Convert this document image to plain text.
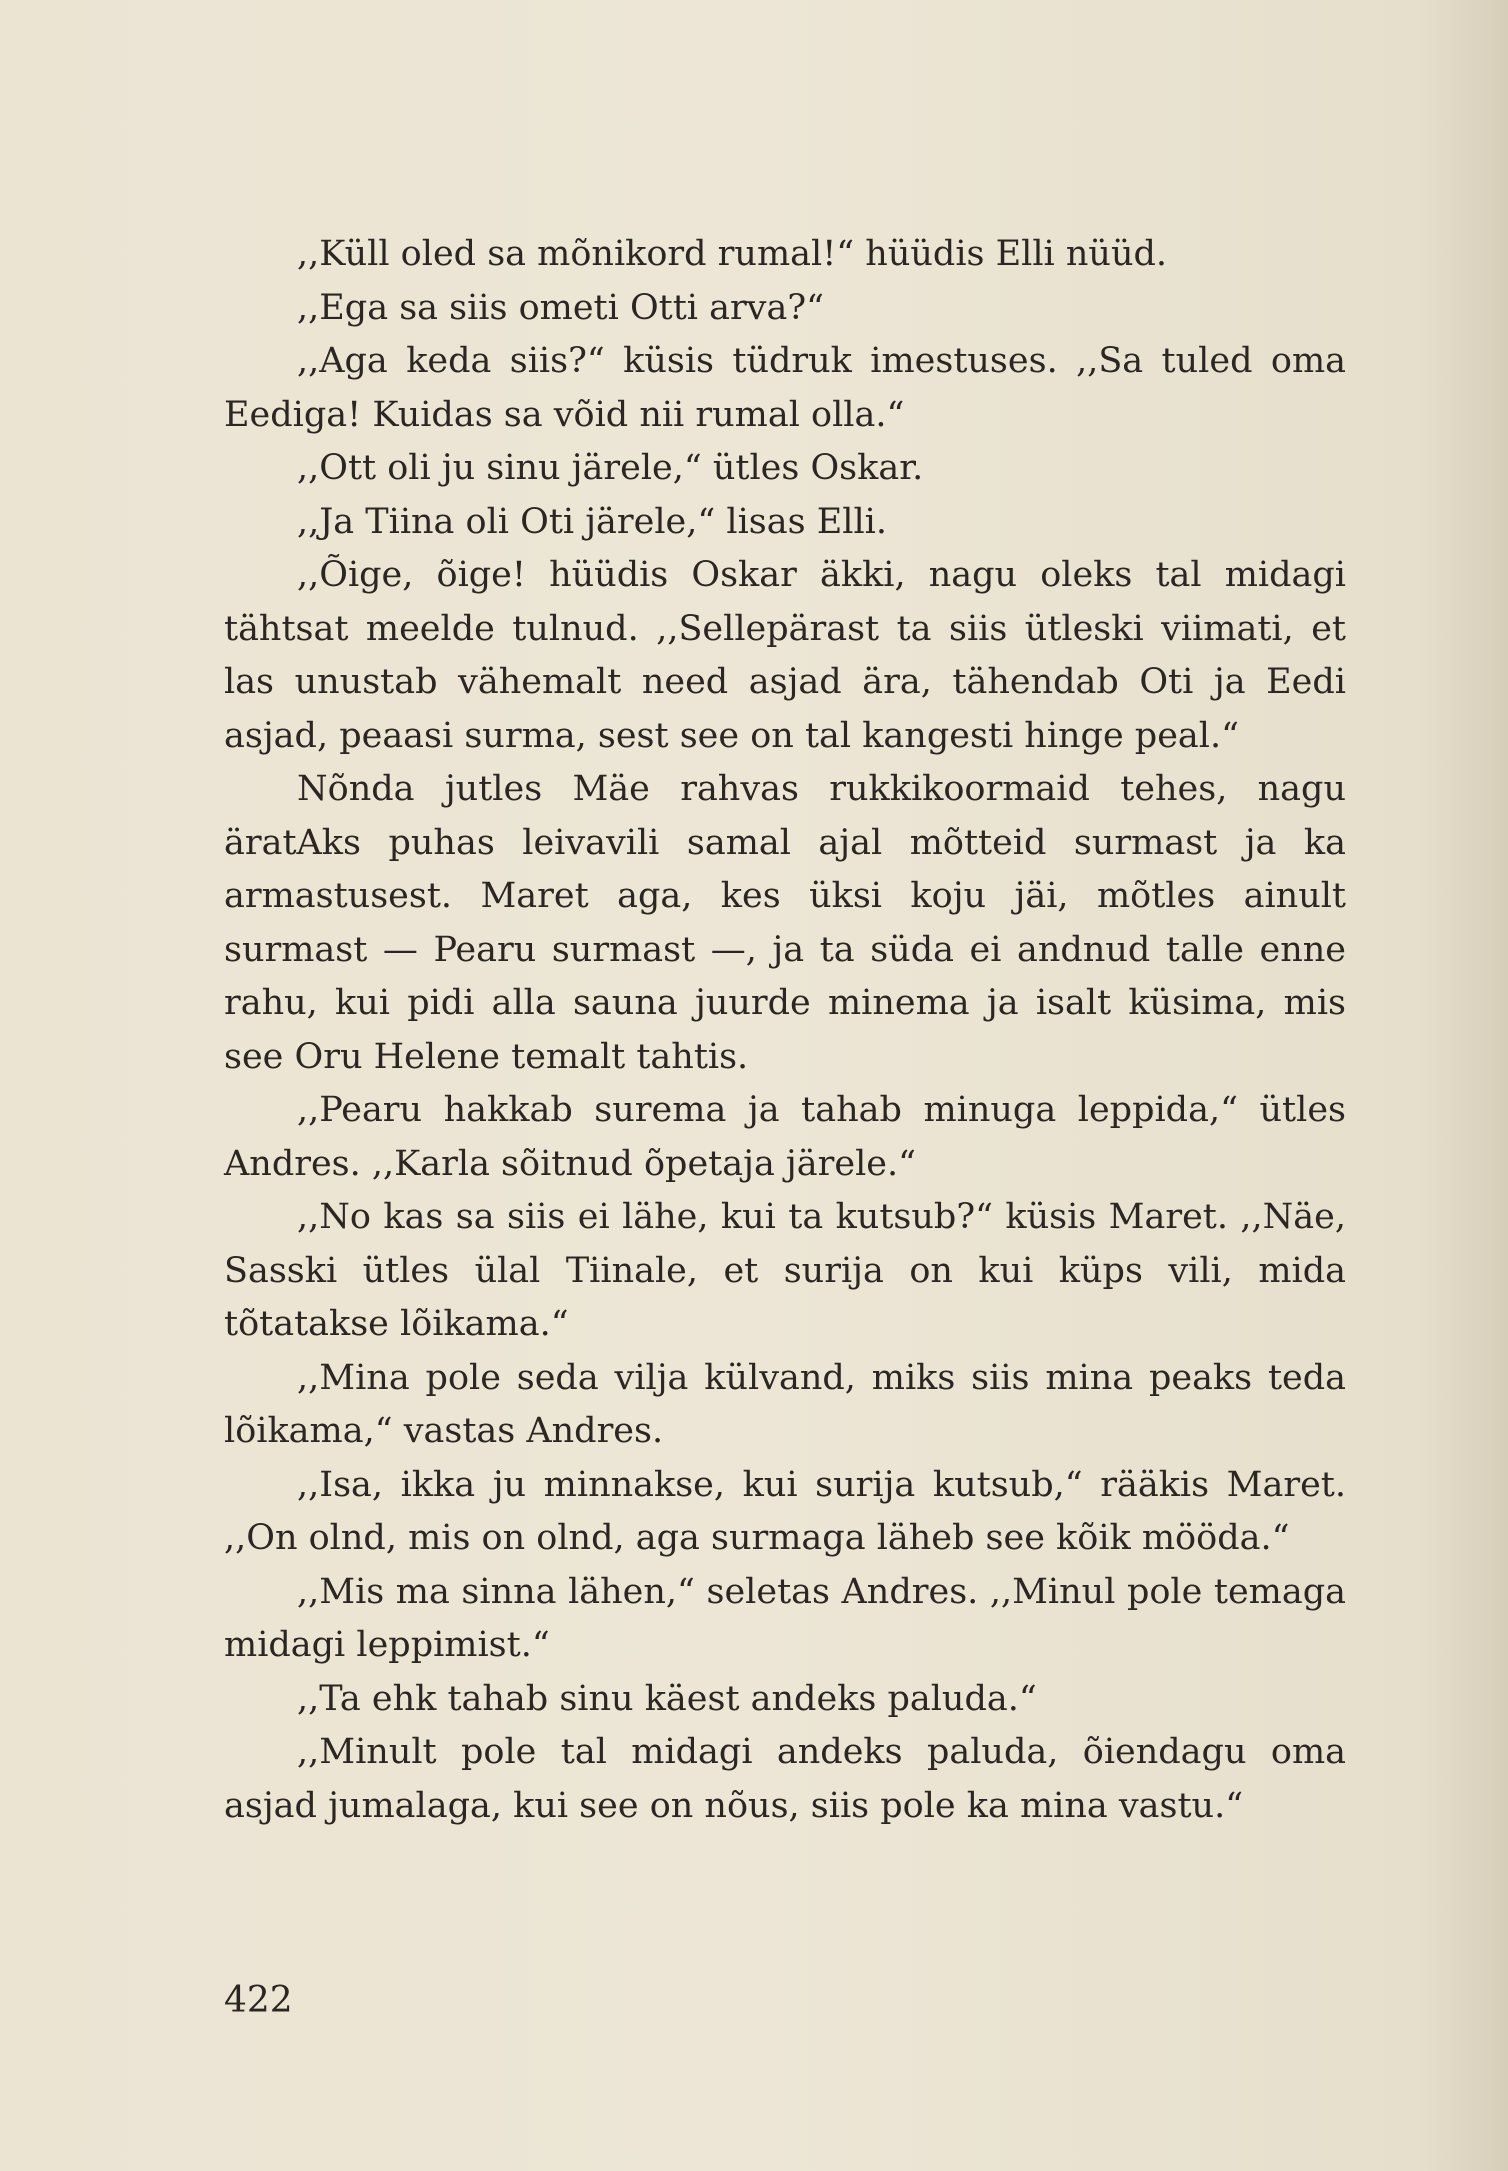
,,Küll oled sa mõnikord rumal!“ hüüdis Elli nüüd.

,,Ega sa siis ometi Otti arva?“

,,Aga keda siis?“ küsis tüdruk imestuses. ,,Sa tuled oma Eediga! Kuidas sa võid nii rumal olla.“

,,Ott oli ju sinu järele,“ ütles Oskar.

,,Ja Tiina oli Oti järele,“ lisas Elli.

,,Õige, õige! hüüdis Oskar äkki, nagu oleks tal midagi tähtsat meelde tulnud. ,,Sellepärast ta siis ütleski viimati, et las unustab vähemalt need asjad ära, tähendab Oti ja Eedi asjad, peaasi surma, sest see on tal kangesti hinge peal.“

Nõnda jutles Mäe rahvas rukkikoormaid tehes, nagu äratAks puhas leivavili samal ajal mõtteid surmast ja ka armastusest. Maret aga, kes üksi koju jäi, mõtles ainult surmast — Pearu surmast —, ja ta süda ei andnud talle enne rahu, kui pidi alla sauna juurde minema ja isalt küsima, mis see Oru Helene temalt tahtis.

,,Pearu hakkab surema ja tahab minuga leppida,“ ütles Andres. ,,Karla sõitnud õpetaja järele.“

,,No kas sa siis ei lähe, kui ta kutsub?“ küsis Maret. ,,Näe, Sasski ütles ülal Tiinale, et surija on kui küps vili, mida tõtatakse lõikama.“

,,Mina pole seda vilja külvand, miks siis mina peaks teda lõikama,“ vastas Andres.

,,Isa, ikka ju minnakse, kui surija kutsub,“ rääkis Maret. ,,On olnd, mis on olnd, aga surmaga läheb see kõik mööda.“

,,Mis ma sinna lähen,“ seletas Andres. ,,Minul pole temaga midagi leppimist.“

,,Ta ehk tahab sinu käest andeks paluda.“

,,Minult pole tal midagi andeks paluda, õiendagu oma asjad jumalaga, kui see on nõus, siis pole ka mina vastu.“

422
